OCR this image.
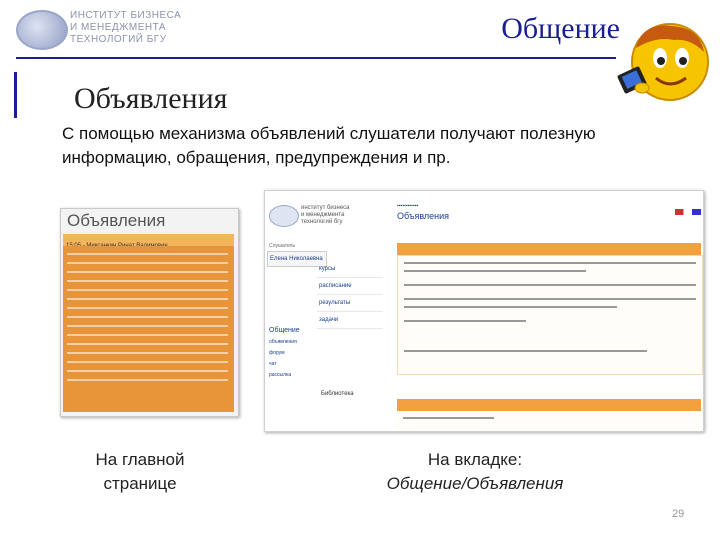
ИНСТИТУТ БИЗНЕСА
И МЕНЕДЖМЕНТА
ТЕХНОЛОГИЙ БГУ	Общение
Объявления
С помощью механизма объявлений слушатели получают полезную информацию, обращения, предупреждения и пр.
Объявления
институт бизнеса
и менеджмента
технологий бгу
Слушатель
Елена Николаевна
курсы
расписание
результаты
задачи
Общение
объявления
форум
чат
рассылка
Библиотека
▪▪▪▪▪▪▪▪▪▪▪▪
Объявления
На главной
странице
На вкладке:
Общение/Объявления
29
